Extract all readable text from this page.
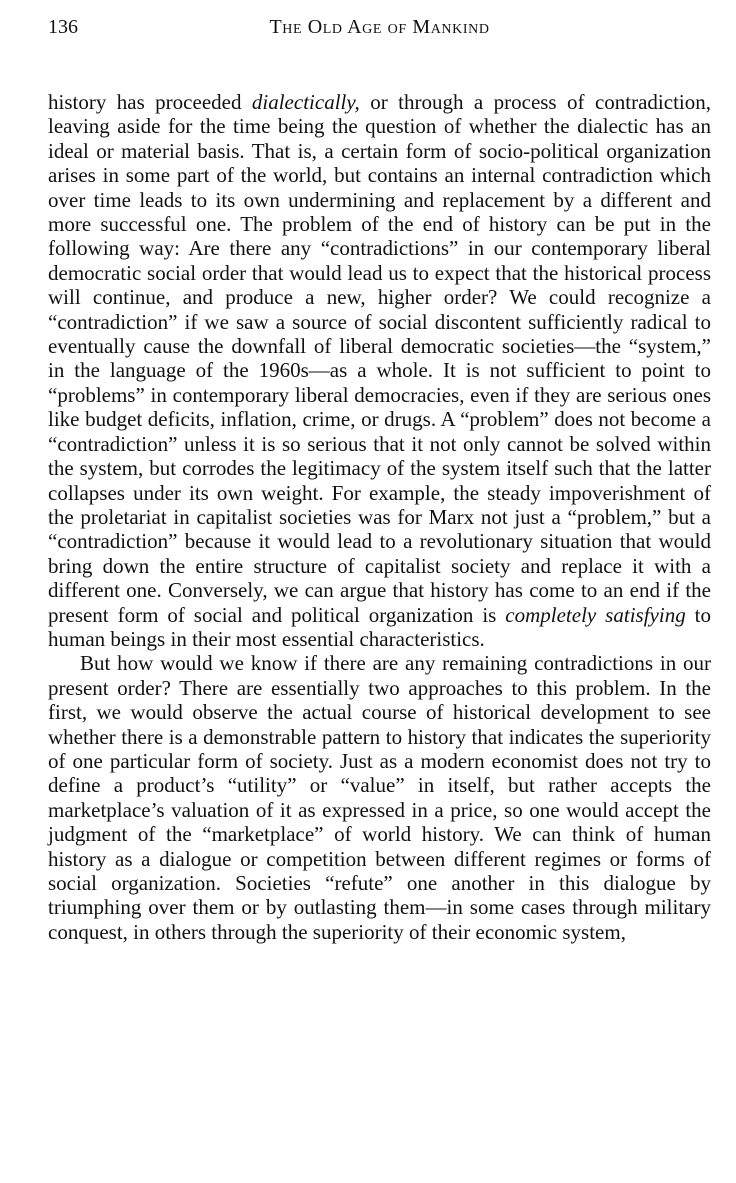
136	The Old Age of Mankind

history has proceeded dialectically, or through a process of contradiction, leaving aside for the time being the question of whether the dialectic has an ideal or material basis. That is, a certain form of socio-political organization arises in some part of the world, but contains an internal contradiction which over time leads to its own undermining and replacement by a different and more successful one. The problem of the end of history can be put in the following way: Are there any “contradictions” in our contemporary liberal democratic social order that would lead us to expect that the historical process will continue, and produce a new, higher order? We could recognize a “contradiction” if we saw a source of social discontent sufficiently radical to eventually cause the downfall of liberal democratic societies—the “system,” in the language of the 1960s—as a whole. It is not sufficient to point to “problems” in contemporary liberal democracies, even if they are serious ones like budget deficits, inflation, crime, or drugs. A “problem” does not become a “contradiction” unless it is so serious that it not only cannot be solved within the system, but corrodes the legitimacy of the system itself such that the latter collapses under its own weight. For example, the steady impoverishment of the proletariat in capitalist societies was for Marx not just a “problem,” but a “contradiction” because it would lead to a revolutionary situation that would bring down the entire structure of capitalist society and replace it with a different one. Conversely, we can argue that history has come to an end if the present form of social and political organization is completely satisfying to human beings in their most essential characteristics.

But how would we know if there are any remaining contradictions in our present order? There are essentially two approaches to this problem. In the first, we would observe the actual course of historical development to see whether there is a demonstrable pattern to history that indicates the superiority of one particular form of society. Just as a modern economist does not try to define a product’s “utility” or “value” in itself, but rather accepts the marketplace’s valuation of it as expressed in a price, so one would accept the judgment of the “marketplace” of world history. We can think of human history as a dialogue or competition between different regimes or forms of social organization. Societies “refute” one another in this dialogue by triumphing over them or by outlasting them—in some cases through military conquest, in others through the superiority of their economic system,
